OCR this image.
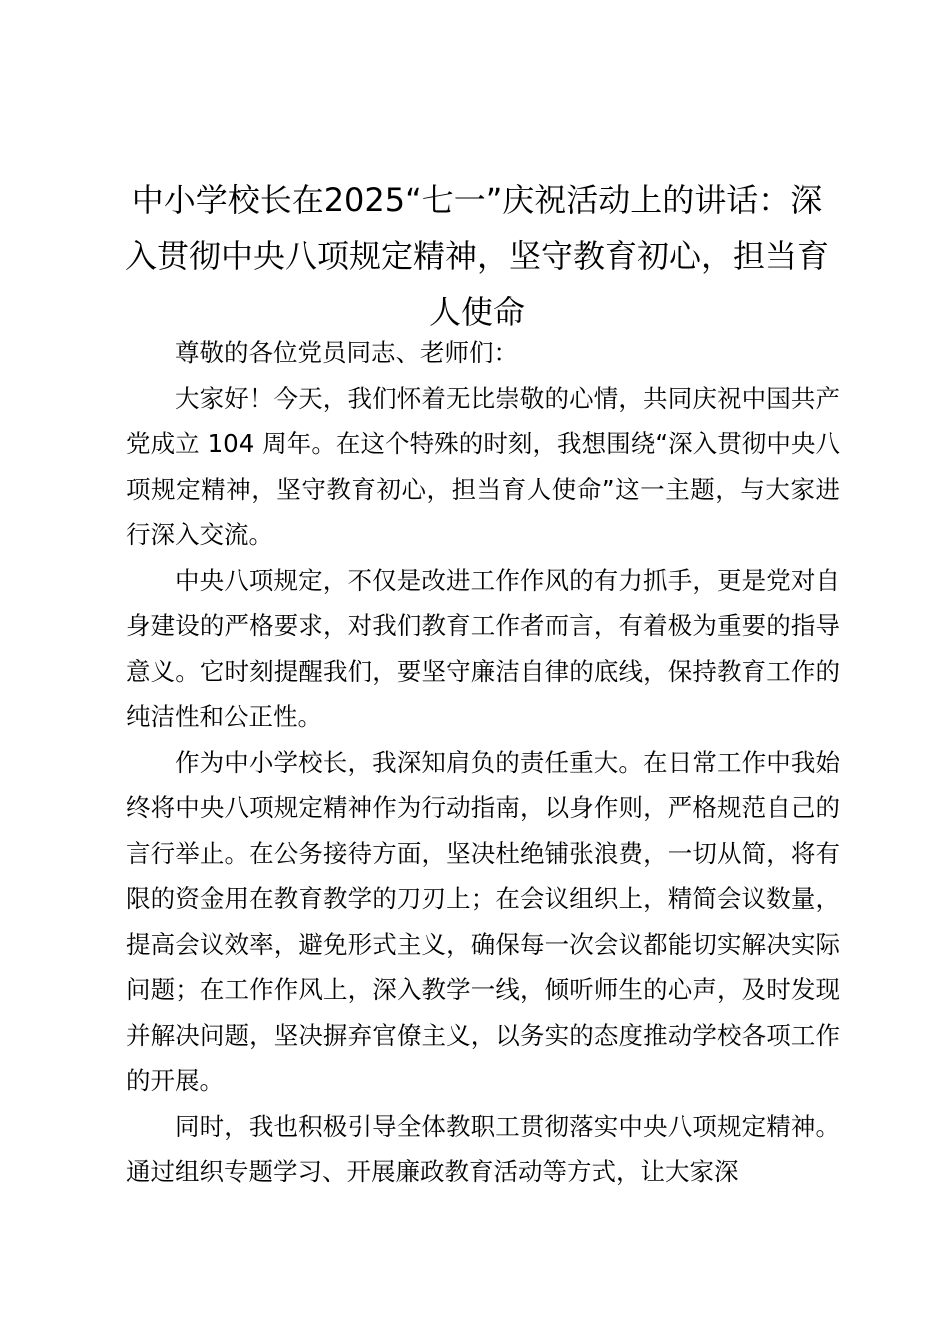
中小学校长在2025“七一”庆祝活动上的讲话：深入贯彻中央八项规定精神，坚守教育初心，担当育人使命

尊敬的各位党员同志、老师们：

大家好！今天，我们怀着无比崇敬的心情，共同庆祝中国共产党成立 104 周年。在这个特殊的时刻，我想围绕“深入贯彻中央八项规定精神，坚守教育初心，担当育人使命”这一主题，与大家进行深入交流。

中央八项规定，不仅是改进工作作风的有力抓手，更是党对自身建设的严格要求，对我们教育工作者而言，有着极为重要的指导意义。它时刻提醒我们，要坚守廉洁自律的底线，保持教育工作的纯洁性和公正性。

作为中小学校长，我深知肩负的责任重大。在日常工作中我始终将中央八项规定精神作为行动指南，以身作则，严格规范自己的言行举止。在公务接待方面，坚决杜绝铺张浪费，一切从简，将有限的资金用在教育教学的刀刃上；在会议组织上，精简会议数量，提高会议效率，避免形式主义，确保每一次会议都能切实解决实际问题；在工作作风上，深入教学一线，倾听师生的心声，及时发现并解决问题，坚决摒弃官僚主义，以务实的态度推动学校各项工作的开展。

同时，我也积极引导全体教职工贯彻落实中央八项规定精神。通过组织专题学习、开展廉政教育活动等方式，让大家深
